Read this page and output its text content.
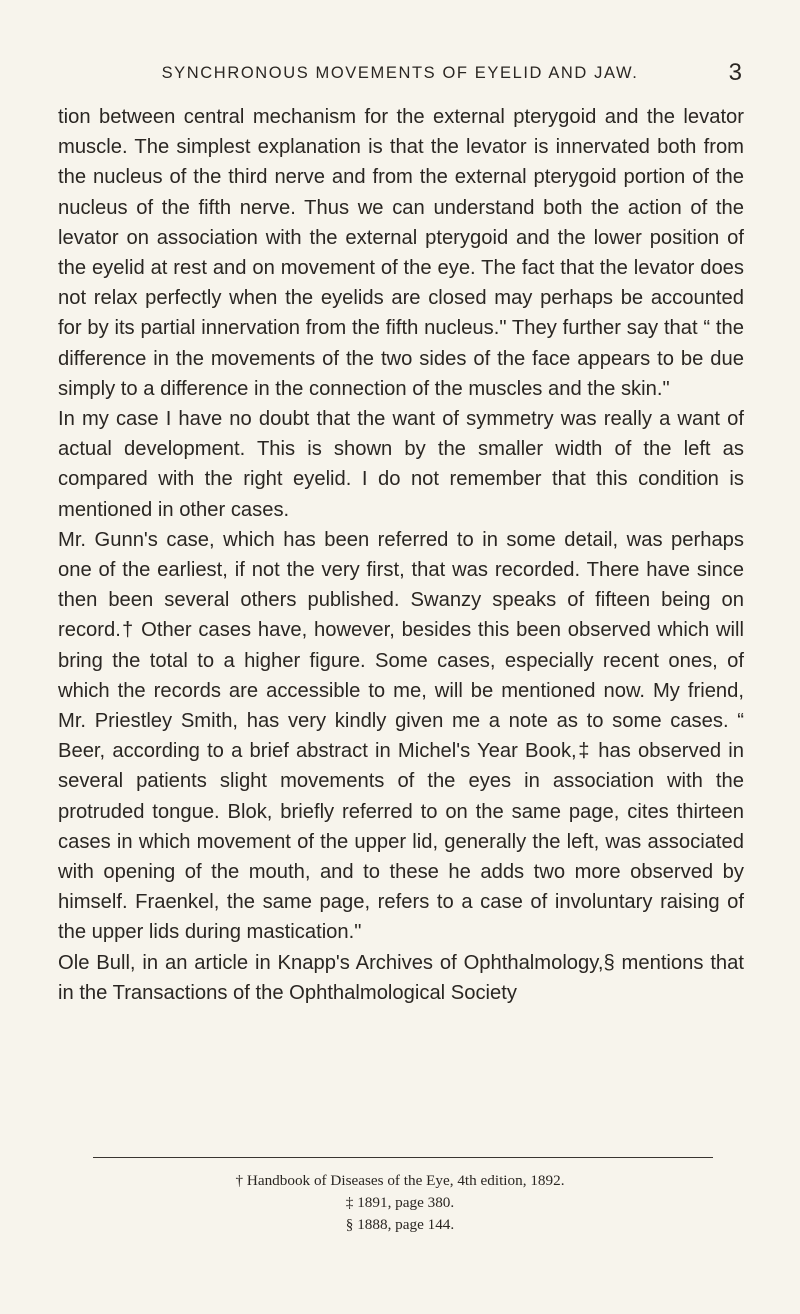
SYNCHRONOUS MOVEMENTS OF EYELID AND JAW.	3

tion between central mechanism for the external pterygoid and the levator muscle. The simplest explanation is that the levator is innervated both from the nucleus of the third nerve and from the external pterygoid portion of the nucleus of the fifth nerve. Thus we can understand both the action of the levator on association with the external pterygoid and the lower position of the eyelid at rest and on movement of the eye. The fact that the levator does not relax perfectly when the eyelids are closed may perhaps be accounted for by its partial innervation from the fifth nucleus." They further say that “ the difference in the movements of the two sides of the face appears to be due simply to a difference in the connection of the muscles and the skin."

In my case I have no doubt that the want of symmetry was really a want of actual development. This is shown by the smaller width of the left as compared with the right eyelid. I do not remember that this condition is mentioned in other cases.

Mr. Gunn's case, which has been referred to in some detail, was perhaps one of the earliest, if not the very first, that was recorded. There have since then been several others published. Swanzy speaks of fifteen being on record.† Other cases have, however, besides this been observed which will bring the total to a higher figure. Some cases, especially recent ones, of which the records are accessible to me, will be mentioned now. My friend, Mr. Priestley Smith, has very kindly given me a note as to some cases. “ Beer, according to a brief abstract in Michel's Year Book,‡ has observed in several patients slight movements of the eyes in association with the protruded tongue. Blok, briefly referred to on the same page, cites thirteen cases in which movement of the upper lid, generally the left, was associated with opening of the mouth, and to these he adds two more observed by himself. Fraenkel, the same page, refers to a case of involuntary raising of the upper lids during mastication."

Ole Bull, in an article in Knapp's Archives of Ophthalmology,§ mentions that in the Transactions of the Ophthalmological Society

† Handbook of Diseases of the Eye, 4th edition, 1892.
‡ 1891, page 380.
§ 1888, page 144.
